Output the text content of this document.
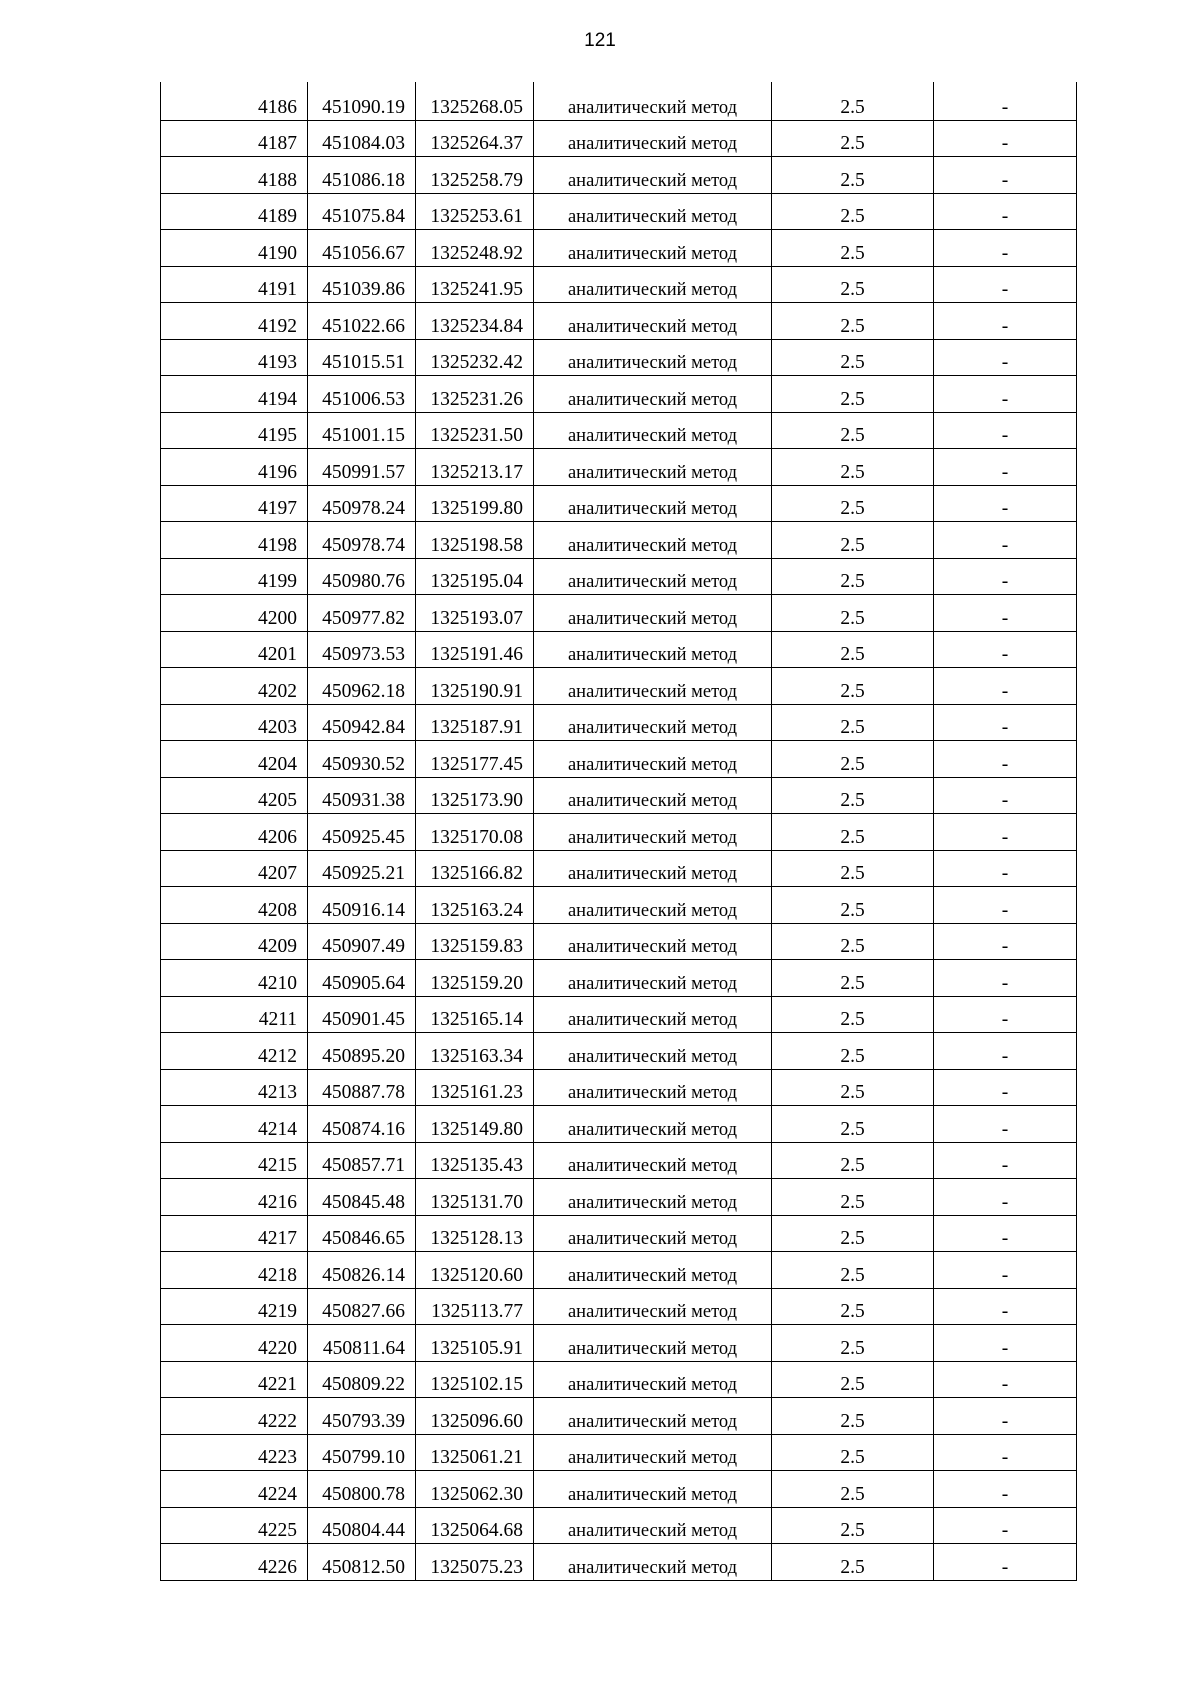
121
4186	451090.19	1325268.05	аналитический метод	2.5	-
4187	451084.03	1325264.37	аналитический метод	2.5	-
4188	451086.18	1325258.79	аналитический метод	2.5	-
4189	451075.84	1325253.61	аналитический метод	2.5	-
4190	451056.67	1325248.92	аналитический метод	2.5	-
4191	451039.86	1325241.95	аналитический метод	2.5	-
4192	451022.66	1325234.84	аналитический метод	2.5	-
4193	451015.51	1325232.42	аналитический метод	2.5	-
4194	451006.53	1325231.26	аналитический метод	2.5	-
4195	451001.15	1325231.50	аналитический метод	2.5	-
4196	450991.57	1325213.17	аналитический метод	2.5	-
4197	450978.24	1325199.80	аналитический метод	2.5	-
4198	450978.74	1325198.58	аналитический метод	2.5	-
4199	450980.76	1325195.04	аналитический метод	2.5	-
4200	450977.82	1325193.07	аналитический метод	2.5	-
4201	450973.53	1325191.46	аналитический метод	2.5	-
4202	450962.18	1325190.91	аналитический метод	2.5	-
4203	450942.84	1325187.91	аналитический метод	2.5	-
4204	450930.52	1325177.45	аналитический метод	2.5	-
4205	450931.38	1325173.90	аналитический метод	2.5	-
4206	450925.45	1325170.08	аналитический метод	2.5	-
4207	450925.21	1325166.82	аналитический метод	2.5	-
4208	450916.14	1325163.24	аналитический метод	2.5	-
4209	450907.49	1325159.83	аналитический метод	2.5	-
4210	450905.64	1325159.20	аналитический метод	2.5	-
4211	450901.45	1325165.14	аналитический метод	2.5	-
4212	450895.20	1325163.34	аналитический метод	2.5	-
4213	450887.78	1325161.23	аналитический метод	2.5	-
4214	450874.16	1325149.80	аналитический метод	2.5	-
4215	450857.71	1325135.43	аналитический метод	2.5	-
4216	450845.48	1325131.70	аналитический метод	2.5	-
4217	450846.65	1325128.13	аналитический метод	2.5	-
4218	450826.14	1325120.60	аналитический метод	2.5	-
4219	450827.66	1325113.77	аналитический метод	2.5	-
4220	450811.64	1325105.91	аналитический метод	2.5	-
4221	450809.22	1325102.15	аналитический метод	2.5	-
4222	450793.39	1325096.60	аналитический метод	2.5	-
4223	450799.10	1325061.21	аналитический метод	2.5	-
4224	450800.78	1325062.30	аналитический метод	2.5	-
4225	450804.44	1325064.68	аналитический метод	2.5	-
4226	450812.50	1325075.23	аналитический метод	2.5	-
